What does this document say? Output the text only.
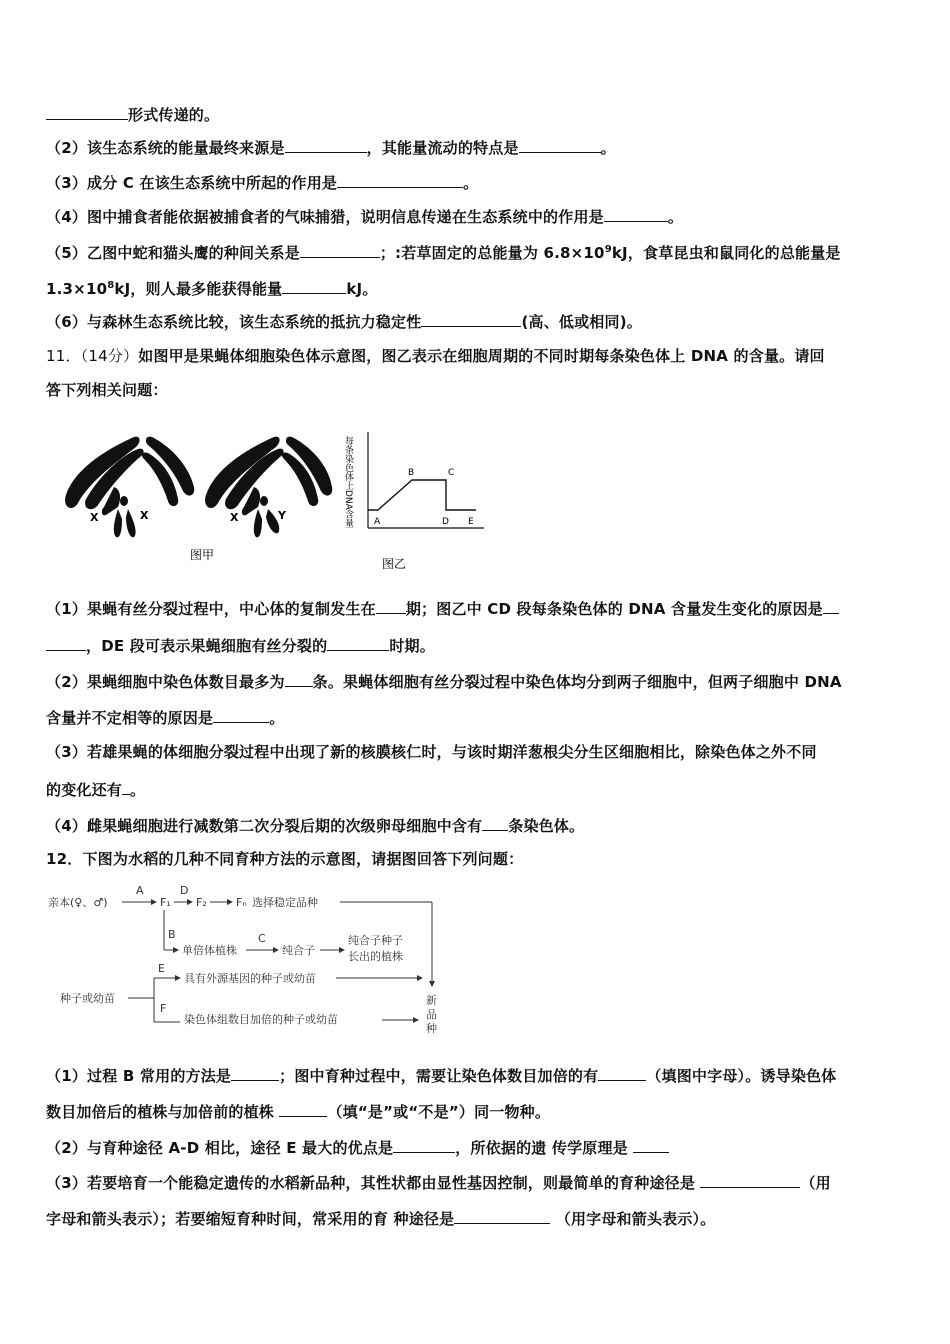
形式传递的。
（2）该生态系统的能量最终来源是	，其能量流动的特点是	。
（3）成分 C 在该生态系统中所起的作用是	。
（4）图中捕食者能依据被捕食者的气味捕猎，说明信息传递在生态系统中的作用是	。
（5）乙图中蛇和猫头鹰的种间关系是	；:若草固定的总能量为 $6.8\times 10^9kJ$，食草昆虫和鼠同化的总能量是
$1.3\times 10^8kJ$，则人最多能获得能量	kJ。
（6）与森林生态系统比较，该生态系统的抵抗力稳定性	(高、低或相同)。
11．（14分）如图甲是果蝇体细胞染色体示意图，图乙表示在细胞周期的不同时期每条染色体上 DNA 的含量。请回
答下列相关问题：
X	X	X	Y
图甲
每条染色体上DNA含量 A
B	C
D E
图乙
（1）果蝇有丝分裂过程中，中心体的复制发生在 期；图乙中 CD 段每条染色体的 DNA 含量发生变化的原因是
，DE 段可表示果蝇细胞有丝分裂的	时期。
（2）果蝇细胞中染色体数目最多为 条。果蝇体细胞有丝分裂过程中染色体均分到两子细胞中，但两子细胞中 DNA
含量并不定相等的原因是	。
（3）若雄果蝇的体细胞分裂过程中出现了新的核膜核仁时，与该时期洋葱根尖分生区细胞相比，除染色体之外不同
的变化还有 。
（4）雌果蝇细胞进行减数第二次分裂后期的次级卵母细胞中含有 条染色体。
12．下图为水稻的几种不同育种方法的示意图，请据图回答下列问题：
亲本(♀、♂)
A
F₁
D
F₂	Fₙ 选择稳定品种
B
单倍体植株
C
纯合子
纯合子种子
长出的植株
种子或幼苗
E
具有外源基因的种子或幼苗
F
染色体组数目加倍的种子或幼苗
新
品
种
（1）过程 B 常用的方法是	；图中育种过程中，需要让染色体数目加倍的有	（填图中字母）。诱导染色体
数目加倍后的植株与加倍前的植株	（填“是”或“不是”）同一物种。
（2）与育种途径 A-D 相比，途径 E 最大的优点是	，所依据的遗 传学原理是
（3）若要培育一个能稳定遗传的水稻新品种，其性状都由显性基因控制，则最简单的育种途径是	（用
字母和箭头表示）；若要缩短育种时间，常采用的育 种途径是	（用字母和箭头表示）。
